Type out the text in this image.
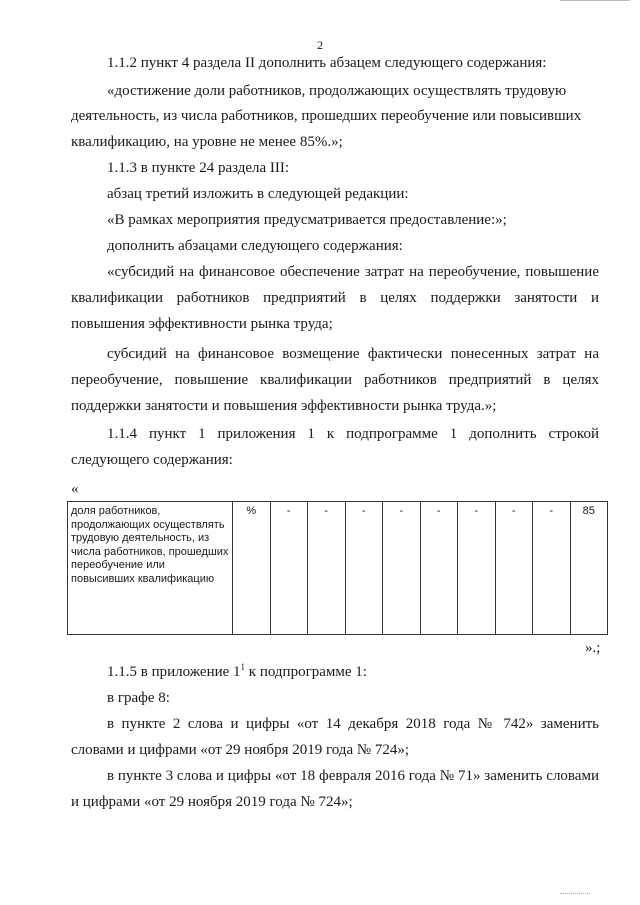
2

1.1.2 пункт 4 раздела II дополнить абзацем следующего содержания:

«достижение доли работников, продолжающих осуществлять трудовую

деятельность, из числа работников, прошедших переобучение или повысивших

квалификацию, на уровне не менее 85%.»;

1.1.3 в пункте 24 раздела III:

абзац третий изложить в следующей редакции:

«В рамках мероприятия предусматривается предоставление:»;

дополнить абзацами следующего содержания:

«субсидий на финансовое обеспечение затрат на переобучение, повышение квалификации работников предприятий в целях поддержки занятости и повышения эффективности рынка труда;

субсидий на финансовое возмещение фактически понесенных затрат на переобучение, повышение квалификации работников предприятий в целях поддержки занятости и повышения эффективности рынка труда.»;

1.1.4 пункт 1 приложения 1 к подпрограмме 1 дополнить строкой следующего содержания:

«
доля работников, продолжающих осуществлять трудовую деятельность, из числа работников, прошедших переобучение или повысивших квалификацию	%	-	-	-	-	-	-	-	-	85
».;

1.1.5 в приложение $1^1$ к подпрограмме 1:

в графе 8:

в пункте 2 слова и цифры «от 14 декабря 2018 года № 742» заменить словами и цифрами «от 29 ноября 2019 года № 724»;

в пункте 3 слова и цифры «от 18 февраля 2016 года № 71» заменить словами и цифрами «от 29 ноября 2019 года № 724»;
